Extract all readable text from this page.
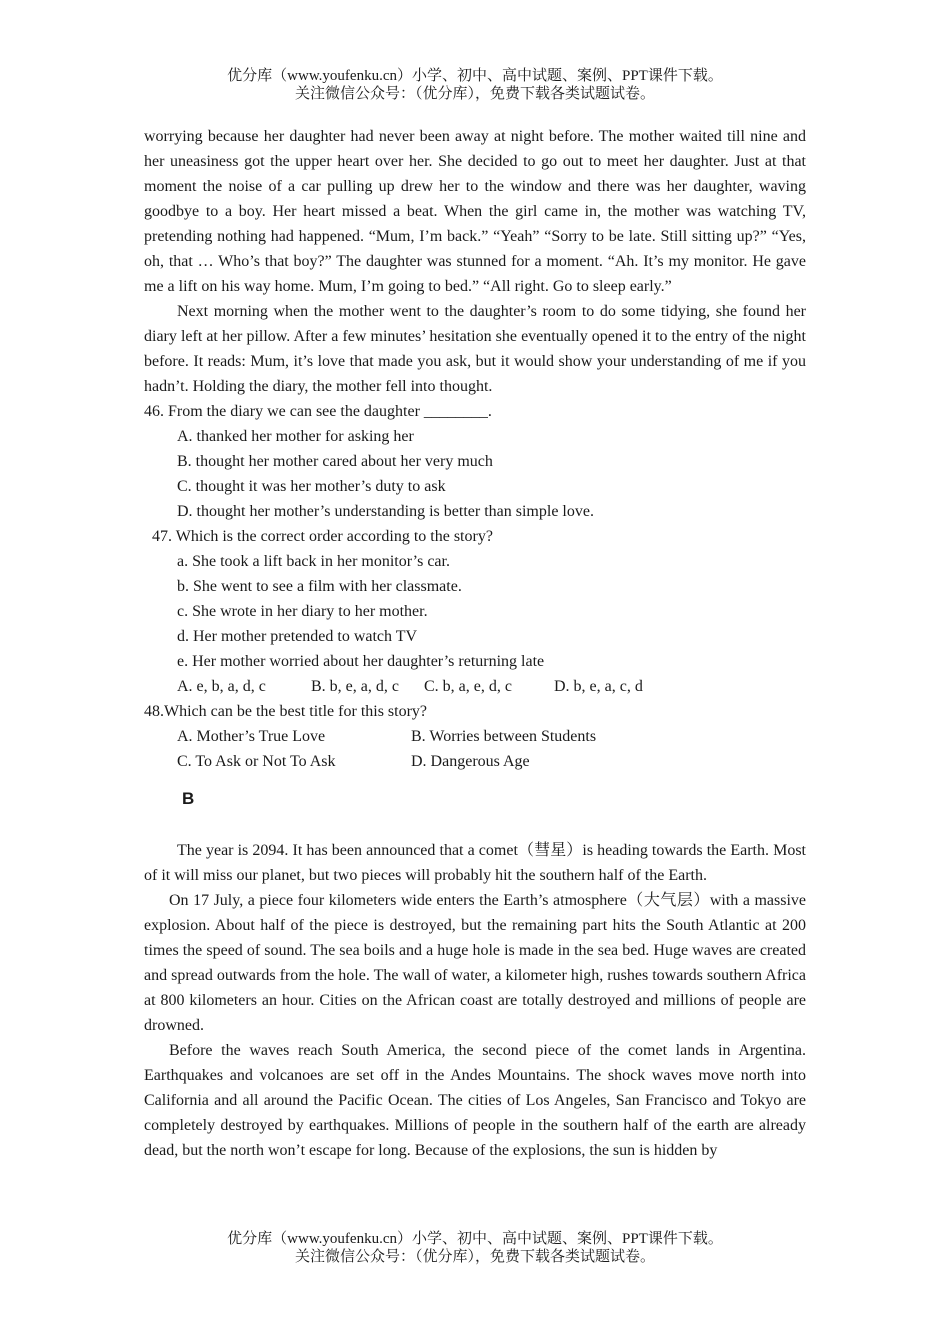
优分库（www.youfenku.cn）小学、初中、高中试题、案例、PPT课件下载。
关注微信公众号：（优分库），免费下载各类试题试卷。

worrying because her daughter had never been away at night before. The mother waited till nine and her uneasiness got the upper heart over her. She decided to go out to meet her daughter. Just at that moment the noise of a car pulling up drew her to the window and there was her daughter, waving goodbye to a boy. Her heart missed a beat. When the girl came in, the mother was watching TV, pretending nothing had happened. “Mum, I’m back.” “Yeah” “Sorry to be late. Still sitting up?” “Yes, oh, that … Who’s that boy?” The daughter was stunned for a moment. “Ah. It’s my monitor. He gave me a lift on his way home. Mum, I’m going to bed.” “All right. Go to sleep early.”

Next morning when the mother went to the daughter’s room to do some tidying, she found her diary left at her pillow. After a few minutes’ hesitation she eventually opened it to the entry of the night before. It reads: Mum, it’s love that made you ask, but it would show your understanding of me if you hadn’t. Holding the diary, the mother fell into thought.

46. From the diary we can see the daughter ________.

A. thanked her mother for asking her

B. thought her mother cared about her very much

C. thought it was her mother’s duty to ask

D. thought her mother’s understanding is better than simple love.

47. Which is the correct order according to the story?

a. She took a lift back in her monitor’s car.

b. She went to see a film with her classmate.

c. She wrote in her diary to her mother.

d. Her mother pretended to watch TV

e. Her mother worried about her daughter’s returning late

A. e, b, a, d, c	B. b, e, a, d, c	C. b, a, e, d, c	D. b, e, a, c, d

48.Which can be the best title for this story?

A. Mother’s True Love	B. Worries between Students
C. To Ask or Not To Ask	D. Dangerous Age
B

The year is 2094. It has been announced that a comet（彗星）is heading towards the Earth. Most of it will miss our planet, but two pieces will probably hit the southern half of the Earth.

On 17 July, a piece four kilometers wide enters the Earth’s atmosphere（大气层）with a massive explosion. About half of the piece is destroyed, but the remaining part hits the South Atlantic at 200 times the speed of sound. The sea boils and a huge hole is made in the sea bed. Huge waves are created and spread outwards from the hole. The wall of water, a kilometer high, rushes towards southern Africa at 800 kilometers an hour. Cities on the African coast are totally destroyed and millions of people are drowned.

Before the waves reach South America, the second piece of the comet lands in Argentina. Earthquakes and volcanoes are set off in the Andes Mountains. The shock waves move north into California and all around the Pacific Ocean. The cities of Los Angeles, San Francisco and Tokyo are completely destroyed by earthquakes. Millions of people in the southern half of the earth are already dead, but the north won’t escape for long. Because of the explosions, the sun is hidden by

优分库（www.youfenku.cn）小学、初中、高中试题、案例、PPT课件下载。
关注微信公众号：（优分库），免费下载各类试题试卷。
